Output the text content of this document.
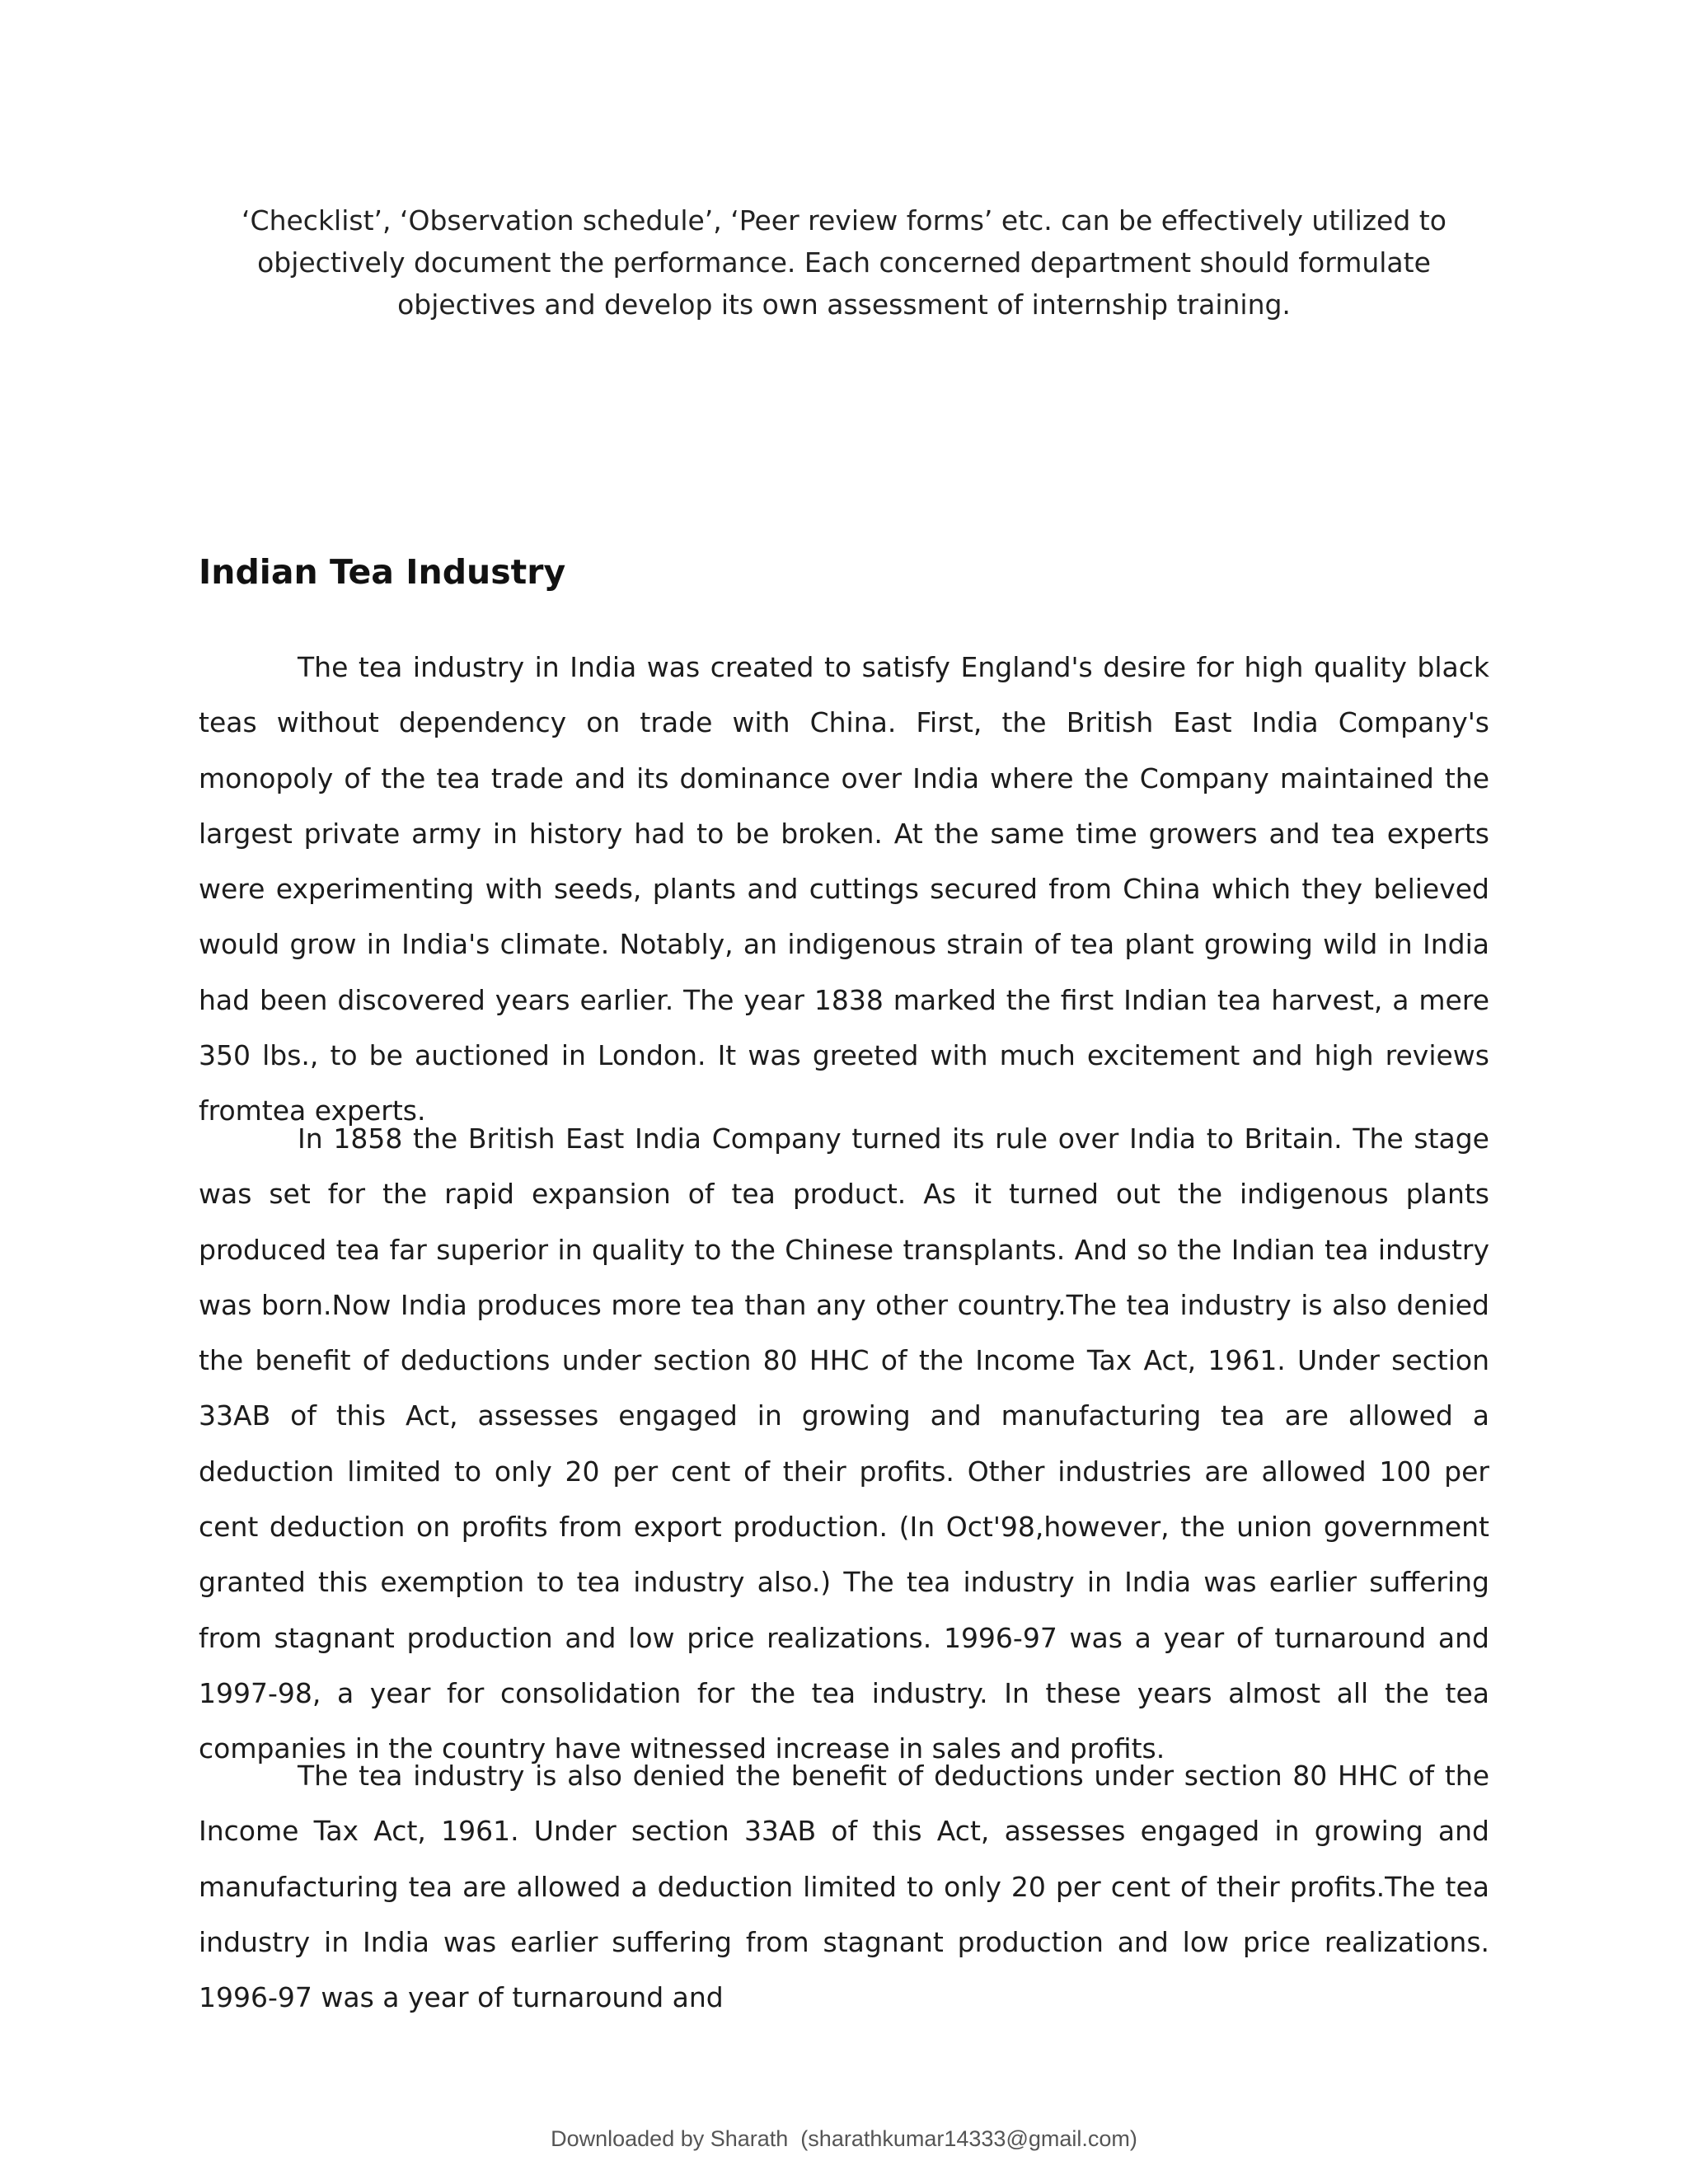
‘Checklist’, ‘Observation schedule’, ‘Peer review forms’ etc. can be effectively utilized to objectively document the performance. Each concerned department should formulate objectives and develop its own assessment of internship training.

Indian Tea Industry

The tea industry in India was created to satisfy England's desire for high quality black teas without dependency on trade with China. First, the British East India Company's monopoly of the tea trade and its dominance over India where the Company maintained the largest private army in history had to be broken. At the same time growers and tea experts were experimenting with seeds, plants and cuttings secured from China which they believed would grow in India's climate. Notably, an indigenous strain of tea plant growing wild in India had been discovered years earlier. The year 1838 marked the first Indian tea harvest, a mere 350 lbs., to be auctioned in London. It was greeted with much excitement and high reviews fromtea experts.

In 1858 the British East India Company turned its rule over India to Britain. The stage was set for the rapid expansion of tea product. As it turned out the indigenous plants produced tea far superior in quality to the Chinese transplants. And so the Indian tea industry was born.Now India produces more tea than any other country.The tea industry is also denied the benefit of deductions under section 80 HHC of the Income Tax Act, 1961. Under section 33AB of this Act, assesses engaged in growing and manufacturing tea are allowed a deduction limited to only 20 per cent of their profits. Other industries are allowed 100 per cent deduction on profits from export production. (In Oct'98,however, the union government granted this exemption to tea industry also.) The tea industry in India was earlier suffering from stagnant production and low price realizations. 1996-97 was a year of turnaround and 1997-98, a year for consolidation for the tea industry. In these years almost all the tea companies in the country have witnessed increase in sales and profits.

The tea industry is also denied the benefit of deductions under section 80 HHC of the Income Tax Act, 1961. Under section 33AB of this Act, assesses engaged in growing and manufacturing tea are allowed a deduction limited to only 20 per cent of their profits.The tea industry in India was earlier suffering from stagnant production and low price realizations. 1996-97 was a year of turnaround and

Downloaded by Sharath  (sharathkumar14333@gmail.com)
